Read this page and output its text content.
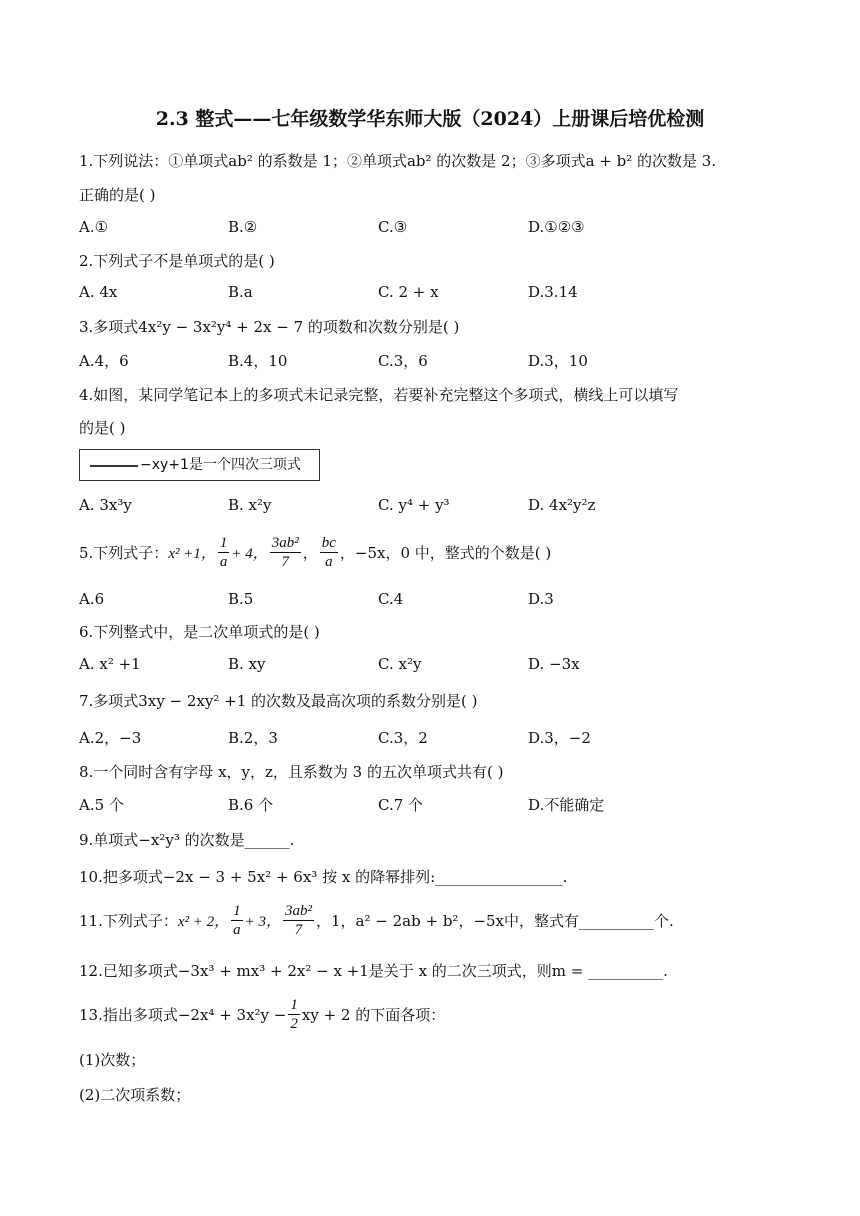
2.3 整式——七年级数学华东师大版（2024）上册课后培优检测
1.下列说法：①单项式ab² 的系数是 1；②单项式ab² 的次数是 2；③多项式a + b² 的次数是 3.
正确的是( )
A.①	B.②	C.③	D.①②③
2.下列式子不是单项式的是( )
A. 4x	B.a	C. 2 + x	D.3.14
3.多项式4x²y − 3x²y⁴ + 2x − 7 的项数和次数分别是( )
A.4，6	B.4，10	C.3，6	D.3，10
4.如图，某同学笔记本上的多项式未记录完整，若要补充完整这个多项式，横线上可以填写
的是( )
−xy+1是一个四次三项式
A. 3x³y	B. x²y	C. y⁴ + y³	D. 4x²y²z
5.下列式子： x² +1， $\frac{1}{a} + 4$， $\frac{\text{3ab²}}{7}$ ， $\frac{bc}{a}$ ， −5x，0 中，整式的个数是( )
A.6	B.5	C.4	D.3
6.下列整式中，是二次单项式的是( )
A. x² +1	B. xy	C. x²y	D. −3x
7.多项式3xy − 2xy² +1 的次数及最高次项的系数分别是( )
A.2，−3	B.2，3	C.3，2	D.3，−2
8.一个同时含有字母 x，y，z，且系数为 3 的五次单项式共有( )
A.5 个	B.6 个	C.7 个	D.不能确定
9.单项式−x²y³ 的次数是______.
10.把多项式−2x − 3 + 5x² + 6x³ 按 x 的降幂排列:_________________.
11.下列式子： x² + 2， $\frac{1}{a} + 3$， $\frac{\text{3ab²}}{7}$ ，1，a² − 2ab + b²，−5x中，整式有__________个.
12.已知多项式−3x³ + mx³ + 2x² − x +1是关于 x 的二次三项式，则m = __________.
13.指出多项式$-2x^4 + 3x^2y - \frac{1}{2}$ xy + 2 的下面各项：
(1)次数；
(2)二次项系数；
